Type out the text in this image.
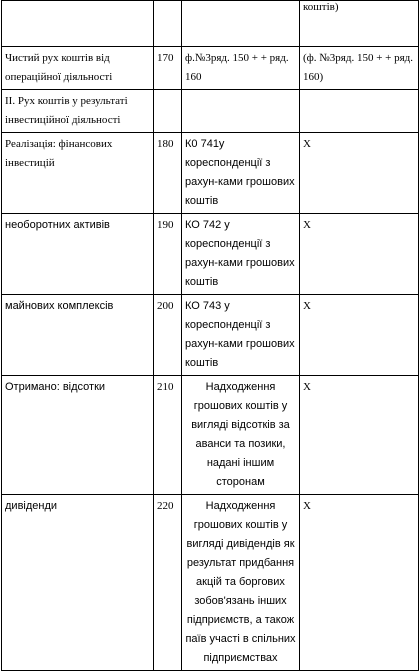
			коштів)
Чистий рух коштів від операційної діяльності	170	ф.№3ряд. 150 + + ряд. 160	(ф. №3ряд. 150 + + ряд. 160)
II. Рух коштів у результаті інвестиційної діяльності			
Реалізація: фінансових інвестицій	180	К0 741у кореспонденції з рахун-ками грошових коштів	Х
необоротних активів	190	КО 742 у кореспонденції з рахун-ками грошових коштів	Х
майнових комплексів	200	КО 743 у кореспонденції з рахун-ками грошових коштів	Х
Отримано: відсотки	210	Надходження грошових коштів у вигляді відсотків за аванси та позики, надані іншим сторонам	Х
дивіденди	220	Надходження грошових коштів у вигляді дивідендів як результат придбання акцій та боргових зобов'язань інших підприємств, а також паїв участі в спільних підприємствах	Х
